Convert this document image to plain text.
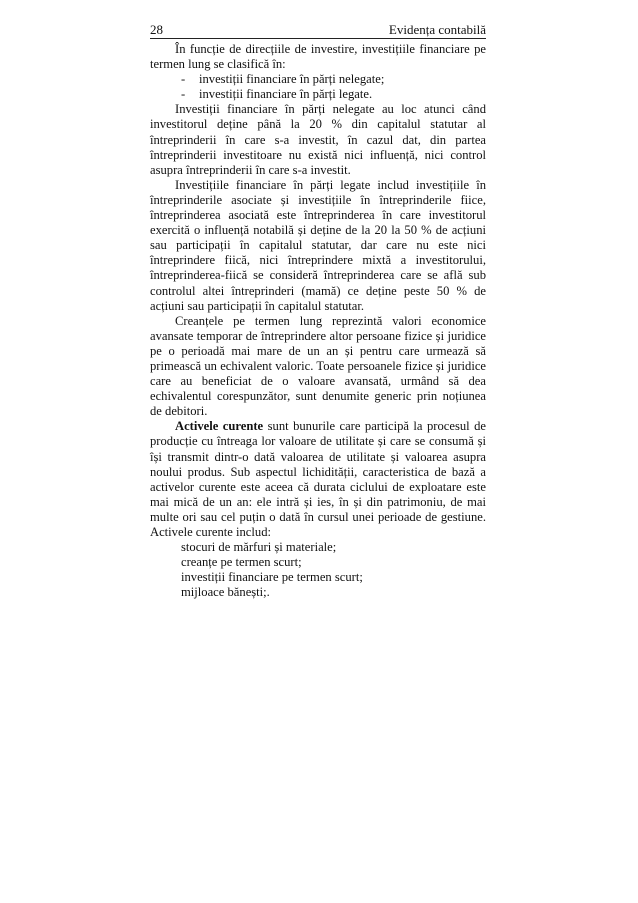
28	Evidența contabilă

În funcție de direcțiile de investire, investițiile financiare pe termen lung se clasifică în:

- investiții financiare în părți nelegate;
- investiții financiare în părți legate.

Investiții financiare în părți nelegate au loc atunci când investitorul deține până la 20 % din capitalul statutar al întreprinderii în care s-a investit, în cazul dat, din partea întreprinderii investitoare nu există nici influență, nici control asupra întreprinderii în care s-a investit.

Investițiile financiare în părți legate includ investițiile în întreprinderile asociate și investițiile în întreprinderile fiice, întreprinderea asociată este întreprinderea în care investitorul exercită o influență notabilă și deține de la 20 la 50 % de acțiuni sau participații în capitalul statutar, dar care nu este nici întreprindere fiică, nici întreprindere mixtă a investitorului, întreprinderea-fiică se consideră întreprinderea care se află sub controlul altei întreprinderi (mamă) ce deține peste 50 % de acțiuni sau participații în capitalul statutar.

Creanțele pe termen lung reprezintă valori economice avansate temporar de întreprindere altor persoane fizice și juridice pe o perioadă mai mare de un an și pentru care urmează să primească un echivalent valoric. Toate persoanele fizice și juridice care au beneficiat de o valoare avansată, urmând să dea echivalentul corespunzător, sunt denumite generic prin noțiunea de debitori.

Activele curente sunt bunurile care participă la procesul de producție cu întreaga lor valoare de utilitate și care se consumă și își transmit dintr-o dată valoarea de utilitate și valoarea asupra noului produs. Sub aspectul lichidității, caracteristica de bază a activelor curente este aceea că durata ciclului de exploatare este mai mică de un an: ele intră și ies, în și din patrimoniu, de mai multe ori sau cel puțin o dată în cursul unei perioade de gestiune. Activele curente includ:

stocuri de mărfuri și materiale;
creanțe pe termen scurt;
investiții financiare pe termen scurt;
mijloace bănești;.
